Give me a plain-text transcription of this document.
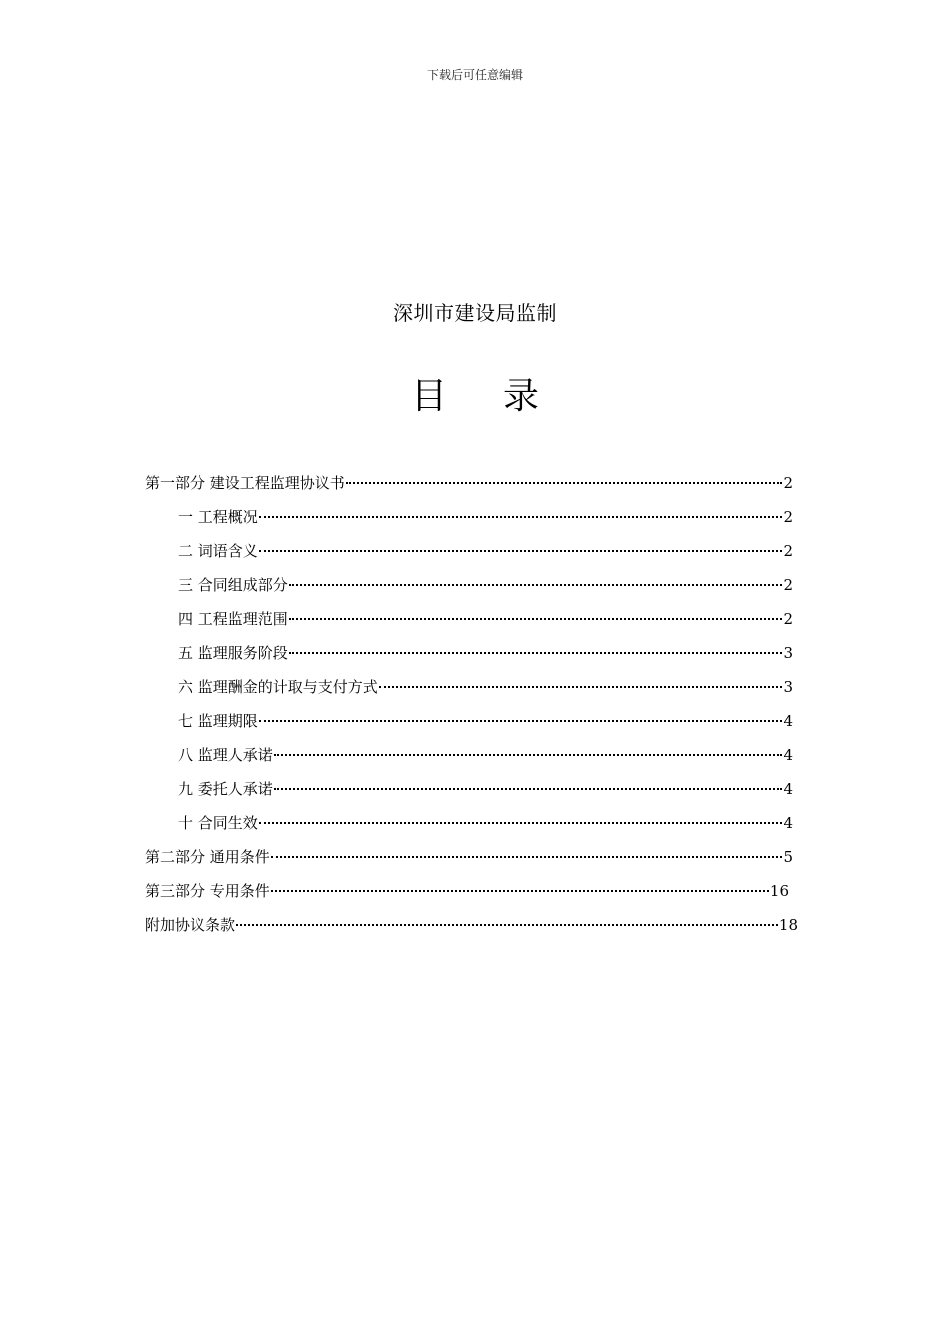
下载后可任意编辑
深圳市建设局监制
目 录
第一部分 建设工程监理协议书	2
一 工程概况	2
二 词语含义	2
三 合同组成部分	2
四 工程监理范围	2
五 监理服务阶段	3
六 监理酬金的计取与支付方式	3
七 监理期限	4
八 监理人承诺	4
九 委托人承诺	4
十 合同生效	4
第二部分 通用条件	5
第三部分 专用条件	16
附加协议条款	18
